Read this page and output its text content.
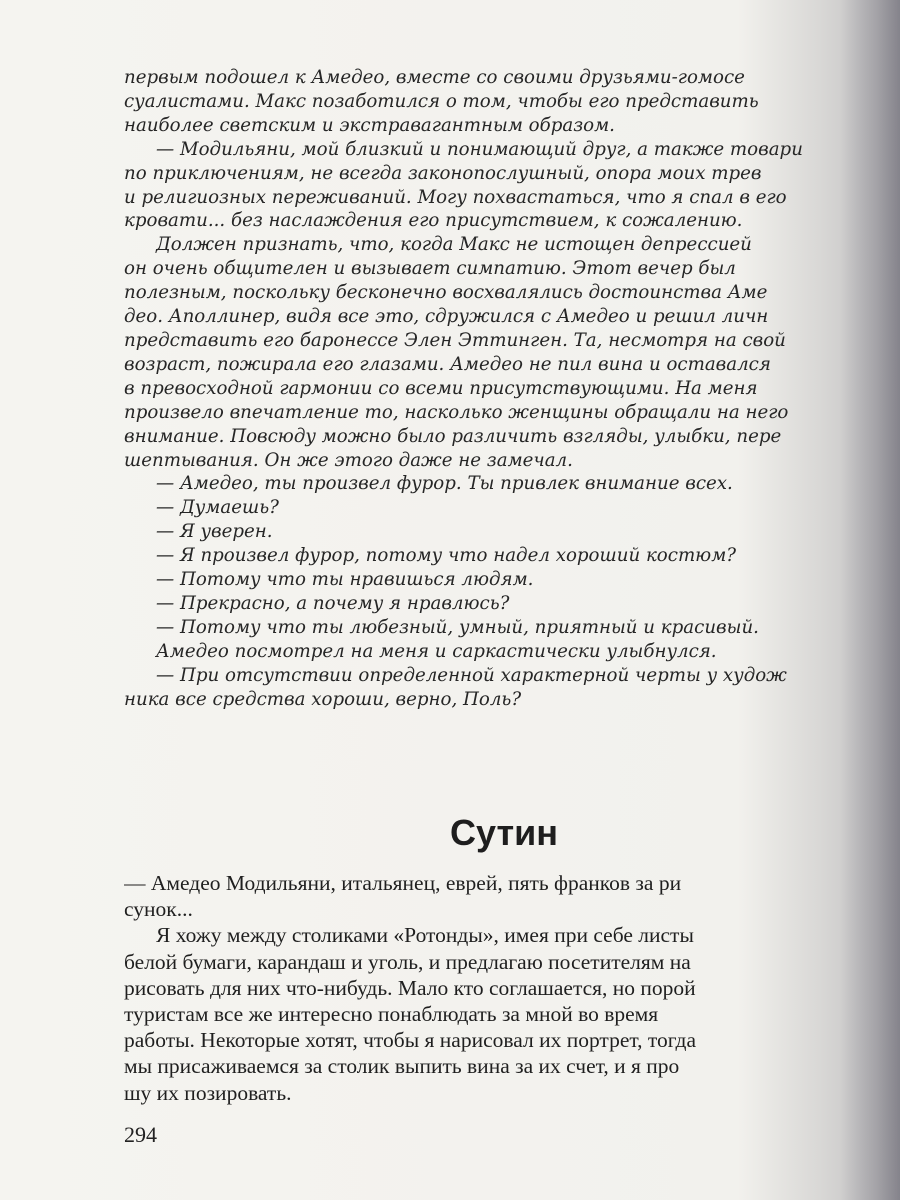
первым подошел к Амедео, вместе со своими друзьями-гомосе

суалистами. Макс позаботился о том, чтобы его представить

наиболее светским и экстравагантным образом.

— Модильяни, мой близкий и понимающий друг, а также товари

по приключениям, не всегда законопослушный, опора моих трев

и религиозных переживаний. Могу похвастаться, что я спал в его

кровати... без наслаждения его присутствием, к сожалению.

Должен признать, что, когда Макс не истощен депрессией

он очень общителен и вызывает симпатию. Этот вечер был

полезным, поскольку бесконечно восхвалялись достоинства Аме

део. Аполлинер, видя все это, сдружился с Амедео и решил личн

представить его баронессе Элен Эттинген. Та, несмотря на свой

возраст, пожирала его глазами. Амедео не пил вина и оставался

в превосходной гармонии со всеми присутствующими. На меня

произвело впечатление то, насколько женщины обращали на него

внимание. Повсюду можно было различить взгляды, улыбки, пере

шептывания. Он же этого даже не замечал.

— Амедео, ты произвел фурор. Ты привлек внимание всех.

— Думаешь?

— Я уверен.

— Я произвел фурор, потому что надел хороший костюм?

— Потому что ты нравишься людям.

— Прекрасно, а почему я нравлюсь?

— Потому что ты любезный, умный, приятный и красивый.

Амедео посмотрел на меня и саркастически улыбнулся.

— При отсутствии определенной характерной черты у худож

ника все средства хороши, верно, Поль?

Сутин

— Амедео Модильяни, итальянец, еврей, пять франков за ри

сунок...

Я хожу между столиками «Ротонды», имея при себе листы

белой бумаги, карандаш и уголь, и предлагаю посетителям на

рисовать для них что-нибудь. Мало кто соглашается, но порой

туристам все же интересно понаблюдать за мной во время

работы. Некоторые хотят, чтобы я нарисовал их портрет, тогда

мы присаживаемся за столик выпить вина за их счет, и я про

шу их позировать.

294
